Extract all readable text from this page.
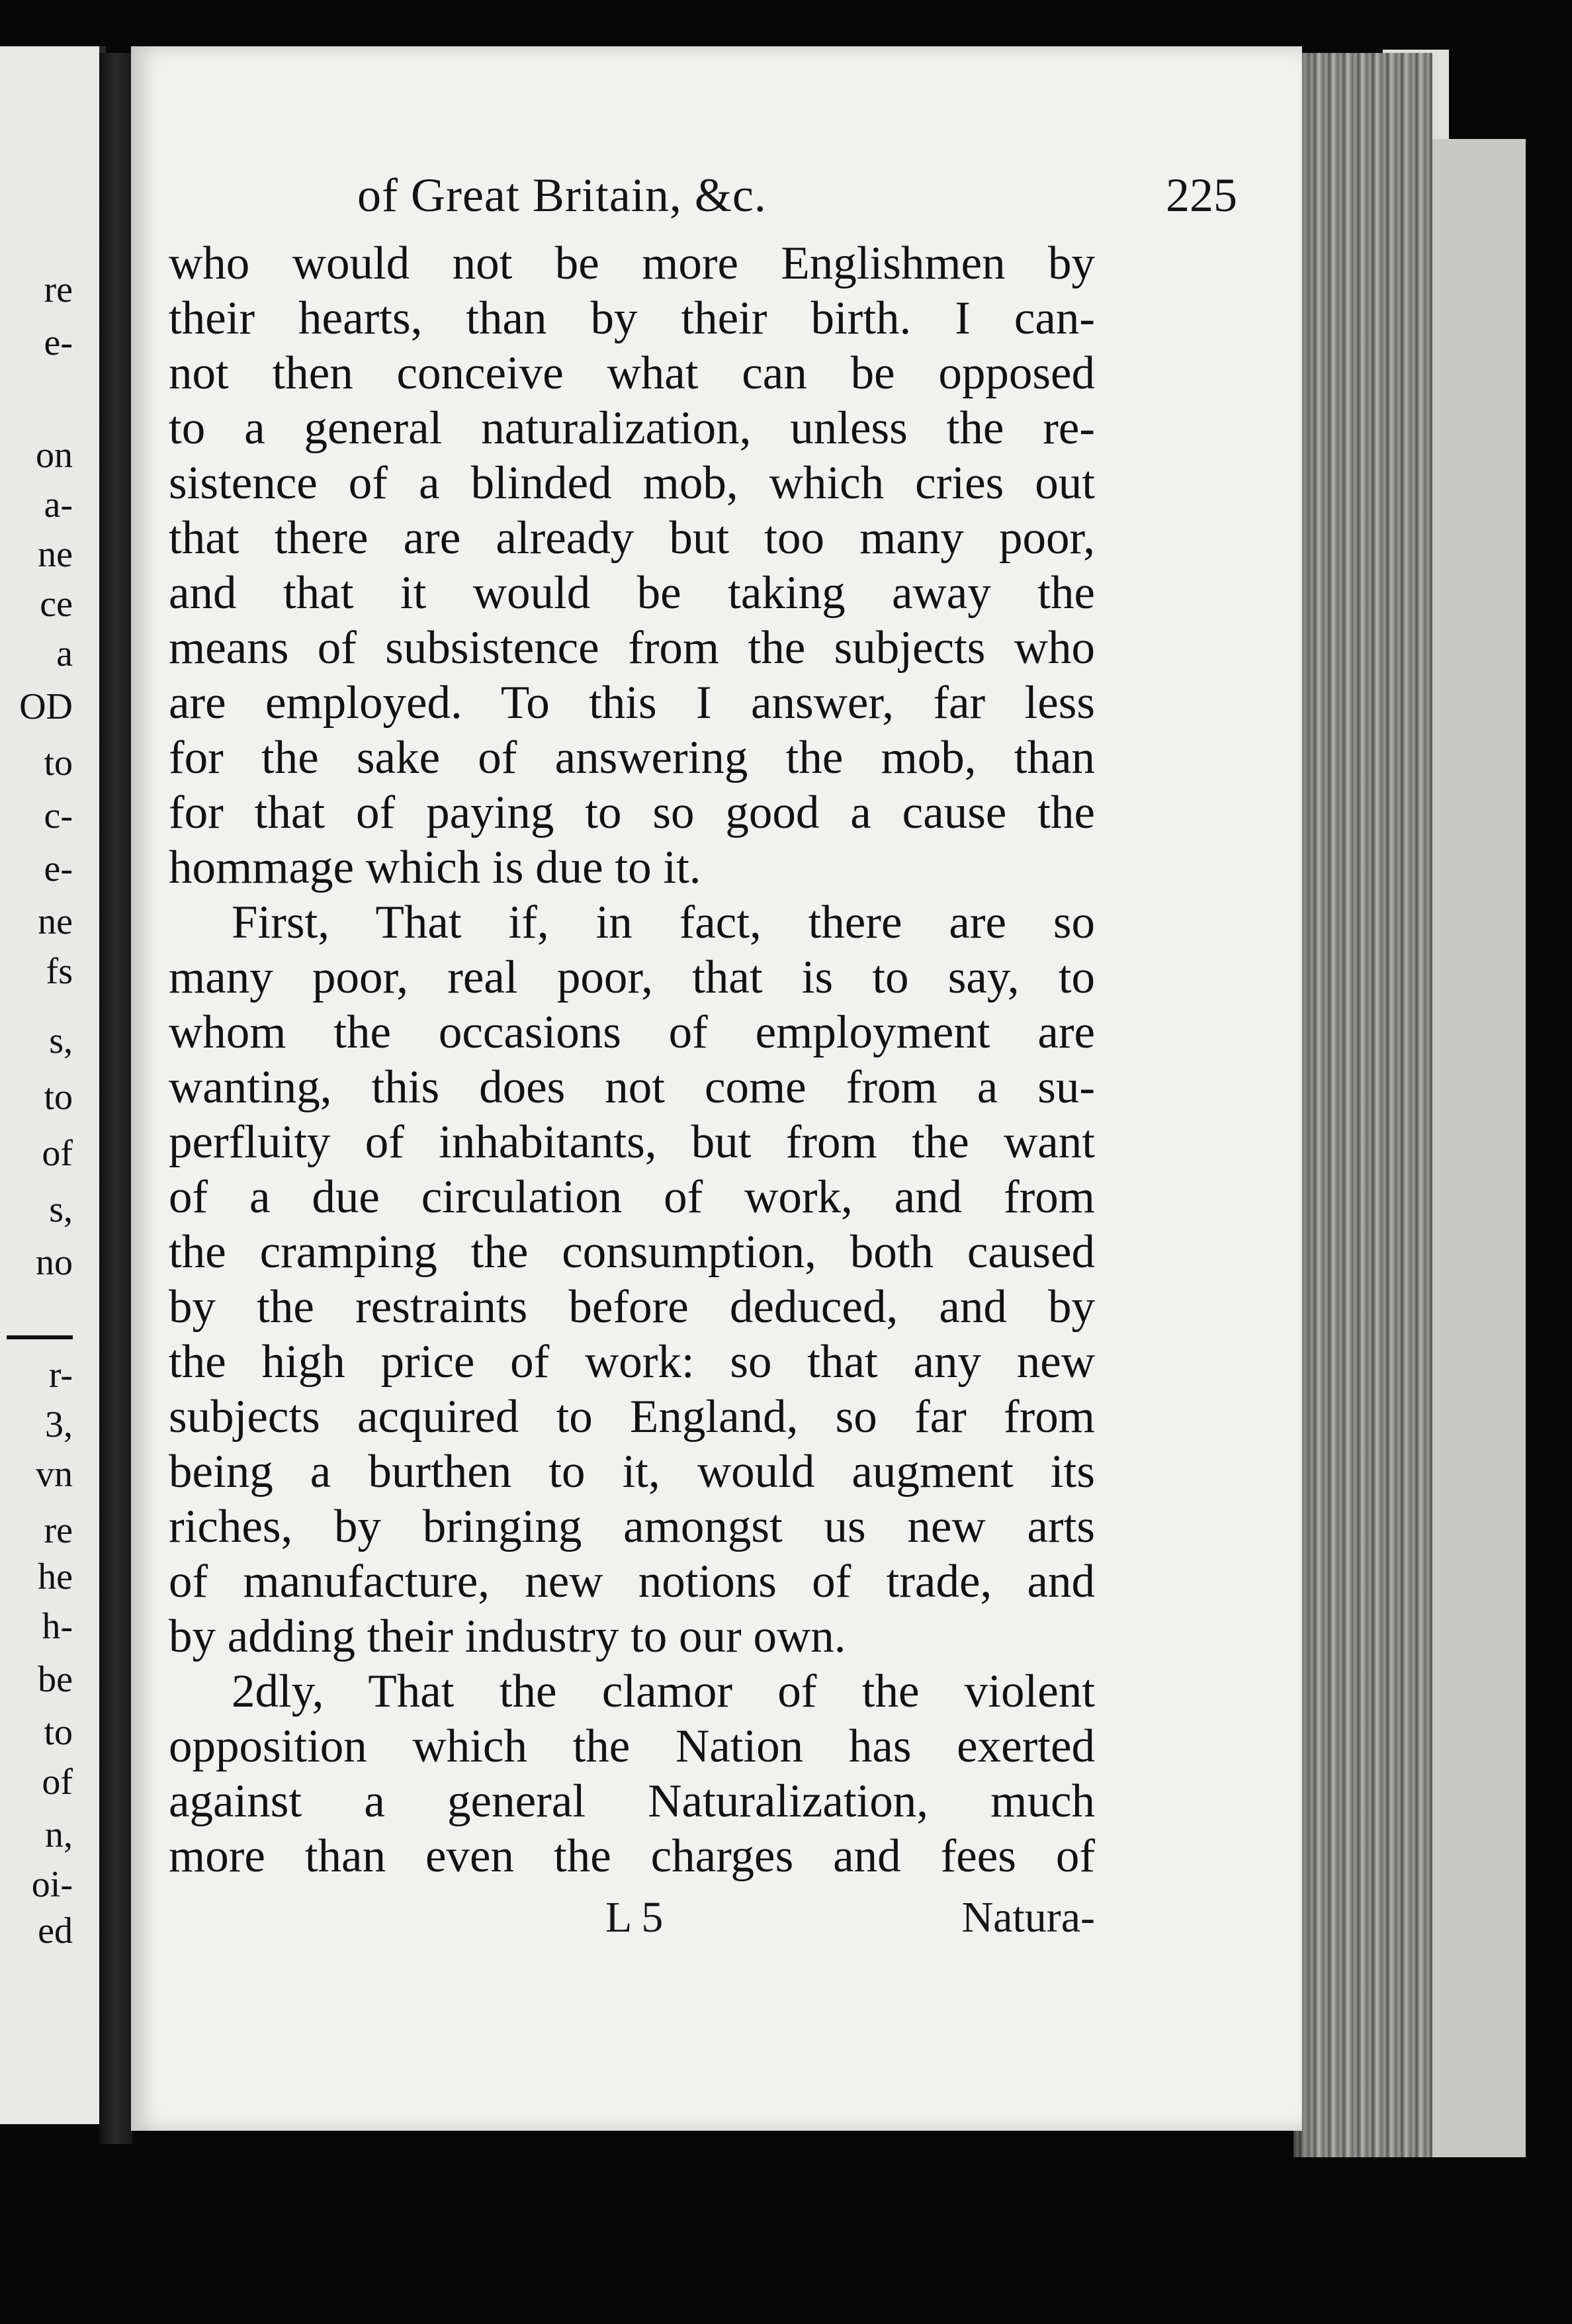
re
e-
on
a-
ne
ce
a
OD
to
c-
e-
ne
fs
s,
to
of
s,
no
r-
3,
vn
re
he
h-
be
to
of
n,
oi-
ed
of Great Britain, &c.	225
who would not be more Englishmen by
their hearts, than by their birth. I can-
not then conceive what can be opposed
to a general naturalization, unless the re-
sistence of a blinded mob, which cries out
that there are already but too many poor,
and that it would be taking away the
means of subsistence from the subjects who
are employed. To this I answer, far less
for the sake of answering the mob, than
for that of paying to so good a cause the
hommage which is due to it.
First, That if, in fact, there are so
many poor, real poor, that is to say, to
whom the occasions of employment are
wanting, this does not come from a su-
perfluity of inhabitants, but from the want
of a due circulation of work, and from
the cramping the consumption, both caused
by the restraints before deduced, and by
the high price of work: so that any new
subjects acquired to England, so far from
being a burthen to it, would augment its
riches, by bringing amongst us new arts
of manufacture, new notions of trade, and
by adding their industry to our own.
2dly, That the clamor of the violent
opposition which the Nation has exerted
against a general Naturalization, much
more than even the charges and fees of
L 5	Natura-
